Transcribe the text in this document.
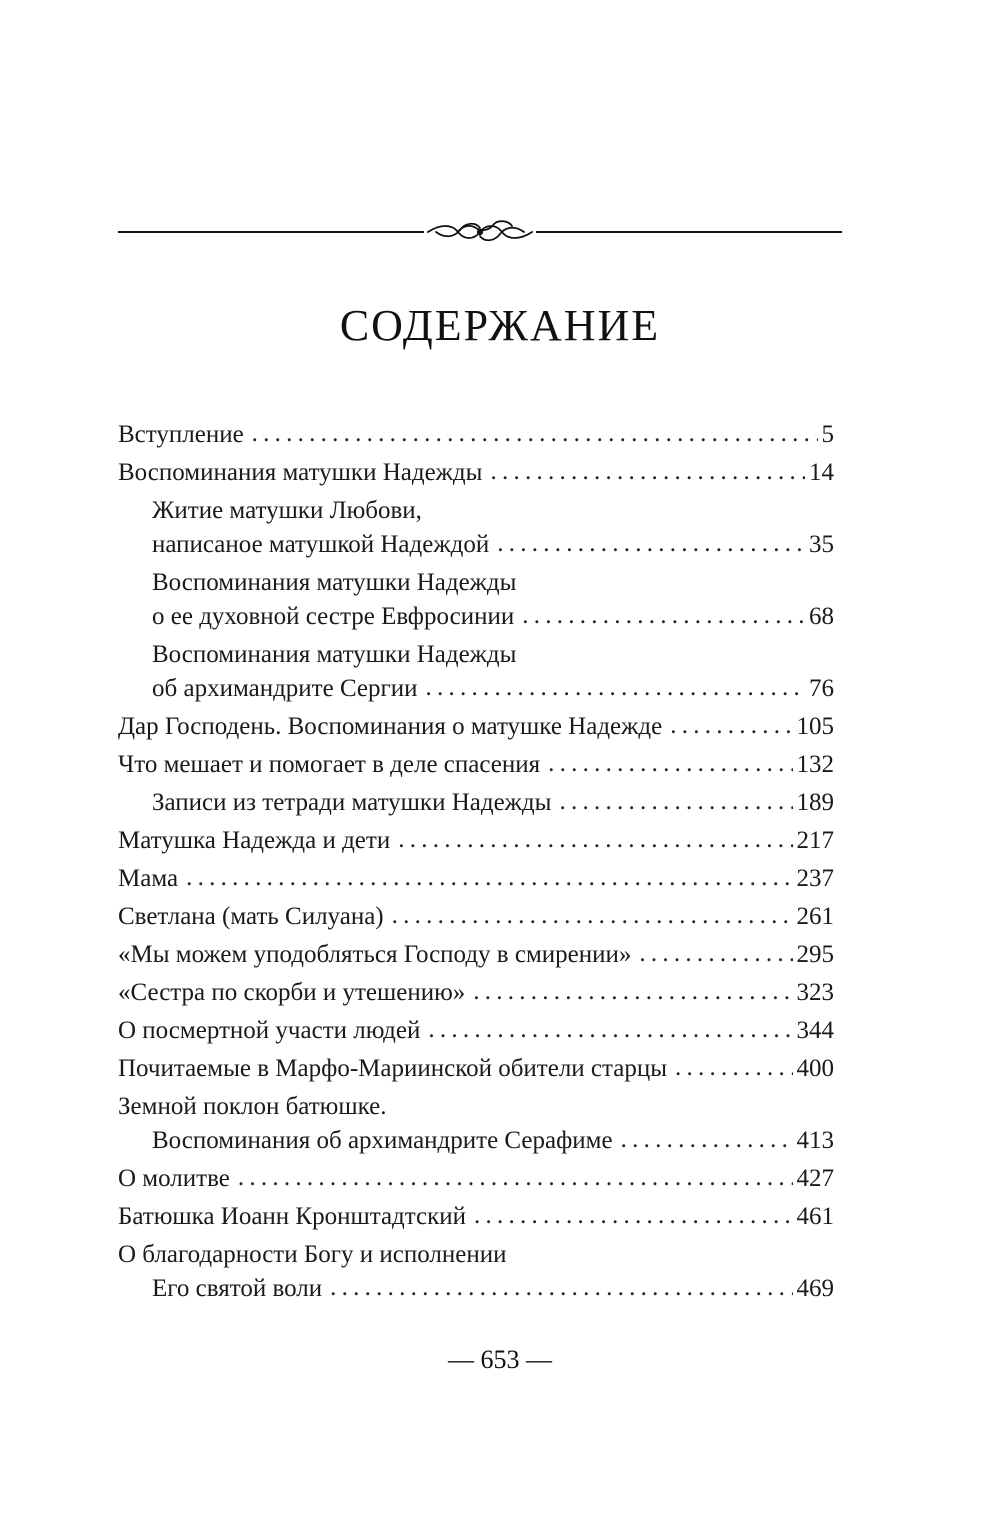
СОДЕРЖАНИЕ
Вступление . . .	5
Воспоминания матушки Надежды . . .	14
Житие матушки Любови,
написаное матушкой Надеждой . . .	35
Воспоминания матушки Надежды
о ее духовной сестре Евфросинии . . .	68
Воспоминания матушки Надежды
об архимандрите Сергии . . .	76
Дар Господень. Воспоминания о матушке Надежде . . .	105
Что мешает и помогает в деле спасения . . .	132
Записи из тетради матушки Надежды . . .	189
Матушка Надежда и дети . . .	217
Мама . . .	237
Светлана (мать Силуана) . . .	261
«Мы можем уподобляться Господу в смирении» . . .	295
«Сестра по скорби и утешению» . . .	323
О посмертной участи людей . . .	344
Почитаемые в Марфо-Мариинской обители старцы . . .	400
Земной поклон батюшке.
Воспоминания об архимандрите Серафиме . . .	413
О молитве . . .	427
Батюшка Иоанн Кронштадтский . . .	461
О благодарности Богу и исполнении
Его святой воли . . .	469
— 653 —
